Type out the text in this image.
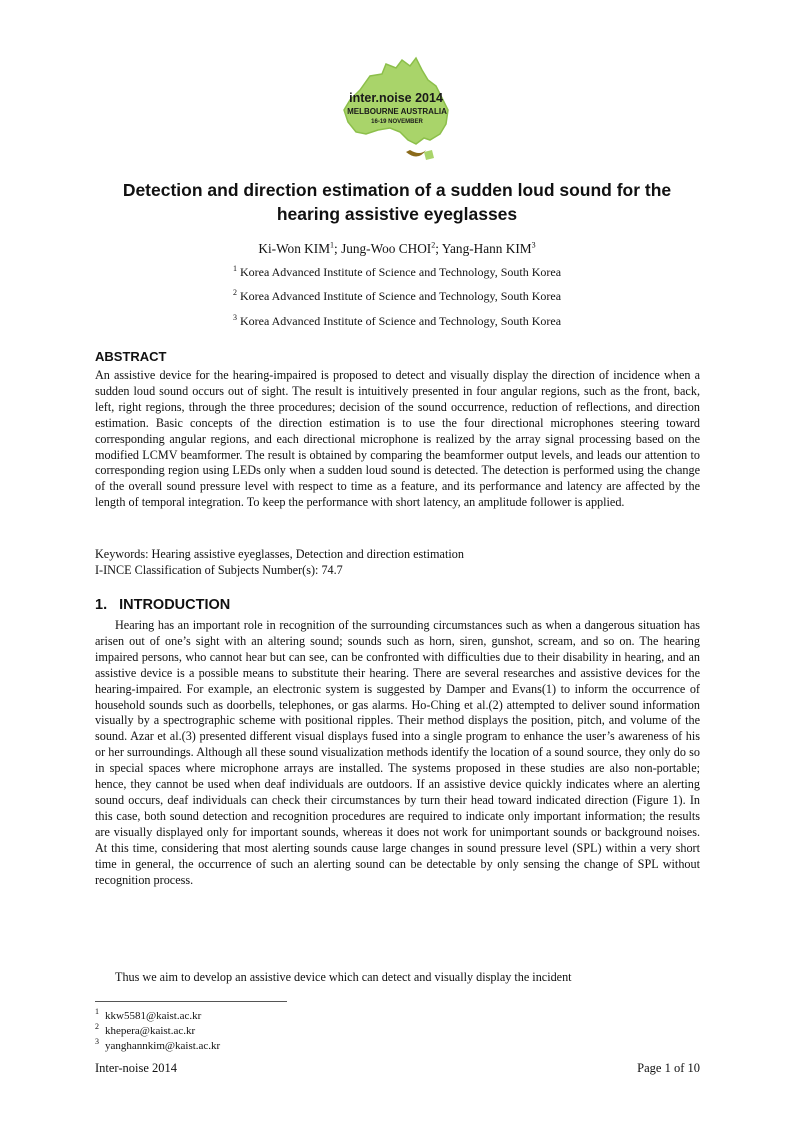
inter.noise 2014
MELBOURNE AUSTRALIA
16-19 NOVEMBER
Detection and direction estimation of a sudden loud sound for the
hearing assistive eyeglasses

Ki-Won KIM$^1$; Jung-Woo CHOI$^2$; Yang-Hann KIM$^3$

$^1$ Korea Advanced Institute of Science and Technology, South Korea

$^2$ Korea Advanced Institute of Science and Technology, South Korea

$^3$ Korea Advanced Institute of Science and Technology, South Korea

ABSTRACT

An assistive device for the hearing-impaired is proposed to detect and visually display the direction of incidence when a sudden loud sound occurs out of sight. The result is intuitively presented in four angular regions, such as the front, back, left, right regions, through the three procedures; decision of the sound occurrence, reduction of reflections, and direction estimation. Basic concepts of the direction estimation is to use the four directional microphones steering toward corresponding angular regions, and each directional microphone is realized by the array signal processing based on the modified LCMV beamformer. The result is obtained by comparing the beamformer output levels, and leads our attention to corresponding region using LEDs only when a sudden loud sound is detected. The detection is performed using the change of the overall sound pressure level with respect to time as a feature, and its performance and latency are affected by the length of temporal integration. To keep the performance with short latency, an amplitude follower is applied.

Keywords: Hearing assistive eyeglasses, Detection and direction estimation

I-INCE Classification of Subjects Number(s): 74.7

1. INTRODUCTION

Hearing has an important role in recognition of the surrounding circumstances such as when a dangerous situation has arisen out of one’s sight with an altering sound; sounds such as horn, siren, gunshot, scream, and so on. The hearing impaired persons, who cannot hear but can see, can be confronted with difficulties due to their disability in hearing, and an assistive device is a possible means to substitute their hearing. There are several researches and assistive devices for the hearing-impaired. For example, an electronic system is suggested by Damper and Evans(1) to inform the occurrence of household sounds such as doorbells, telephones, or gas alarms. Ho-Ching et al.(2) attempted to deliver sound information visually by a spectrographic scheme with positional ripples. Their method displays the position, pitch, and volume of the sound. Azar et al.(3) presented different visual displays fused into a single program to enhance the user’s awareness of his or her surroundings. Although all these sound visualization methods identify the location of a sound source, they only do so in special spaces where microphone arrays are installed. The systems proposed in these studies are also non-portable; hence, they cannot be used when deaf individuals are outdoors. If an assistive device quickly indicates where an alerting sound occurs, deaf individuals can check their circumstances by turn their head toward indicated direction (Figure 1). In this case, both sound detection and recognition procedures are required to indicate only important information; the results are visually displayed only for important sounds, whereas it does not work for unimportant sounds or background noises. At this time, considering that most alerting sounds cause large changes in sound pressure level (SPL) within a very short time in general, the occurrence of such an alerting sound can be detectable by only sensing the change of SPL without recognition process.

Thus we aim to develop an assistive device which can detect and visually display the incident

$^1$ kkw5581@kaist.ac.kr

$^2$ khepera@kaist.ac.kr

$^3$ yanghannkim@kaist.ac.kr

Inter-noise 2014	Page 1 of 10
